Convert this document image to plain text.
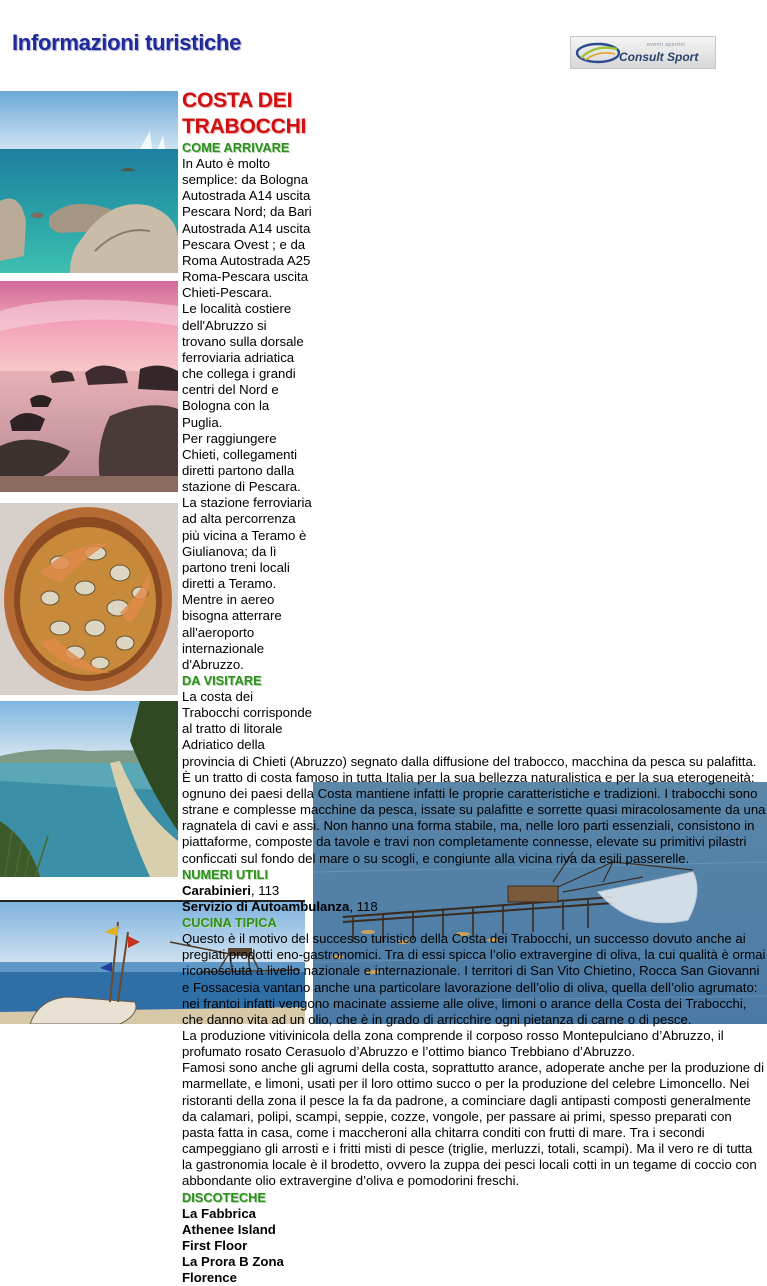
Informazioni turistiche	eventi sportivi
Consult Sport
COSTA DEI TRABOCCHI
COME ARRIVARE

In Auto è molto semplice: da Bologna Autostrada A14 uscita Pescara Nord; da Bari Autostrada A14 uscita Pescara Ovest ; e da Roma Autostrada A25 Roma-Pescara uscita Chieti-Pescara.

Le località costiere dell'Abruzzo si trovano sulla dorsale ferroviaria adriatica che collega i grandi centri del Nord e Bologna con la Puglia.

Per raggiungere Chieti, collegamenti diretti partono dalla stazione di Pescara.

La stazione ferroviaria ad alta percorrenza più vicina a Teramo è Giulianova; da lì partono treni locali diretti a Teramo.

Mentre in aereo bisogna atterrare all'aeroporto internazionale d'Abruzzo.

DA VISITARE

La costa dei Trabocchi corrisponde al tratto di litorale Adriatico della provincia di Chieti (Abruzzo) segnato dalla diffusione del trabocco, macchina da pesca su palafitta. È un tratto di costa famoso in tutta Italia per la sua bellezza naturalistica e per la sua eterogeneità: ognuno dei paesi della Costa mantiene infatti le proprie caratteristiche e tradizioni. I trabocchi sono strane e complesse macchine da pesca, issate su palafitte e sorrette quasi miracolosamente da una ragnatela di cavi e assi. Non hanno una forma stabile, ma, nelle loro parti essenziali, consistono in piattaforme, composte da tavole e travi non completamente connesse, elevate su primitivi pilastri conficcati sul fondo del mare o su scogli, e congiunte alla vicina riva da esili passerelle.

NUMERI UTILI

Carabinieri, 113

Servizio di Autoambulanza, 118

CUCINA TIPICA

Questo è il motivo del successo turistico della Costa dei Trabocchi, un successo dovuto anche ai pregiati prodotti eno-gastronomici. Tra di essi spicca l’olio extravergine di oliva, la cui qualità è ormai riconosciuta a livello nazionale e internazionale. I territori di San Vito Chietino, Rocca San Giovanni e Fossacesia vantano anche una particolare lavorazione dell’olio di oliva, quella dell’olio agrumato: nei frantoi infatti vengono macinate assieme alle olive, limoni o arance della Costa dei Trabocchi, che danno vita ad un olio, che è in grado di arricchire ogni pietanza di carne o di pesce.

La produzione vitivinicola della zona comprende il corposo rosso Montepulciano d’Abruzzo, il profumato rosato Cerasuolo d’Abruzzo e l’ottimo bianco Trebbiano d’Abruzzo.

Famosi sono anche gli agrumi della costa, soprattutto arance, adoperate anche per la produzione di marmellate, e limoni, usati per il loro ottimo succo o per la produzione del celebre Limoncello. Nei ristoranti della zona il pesce la fa da padrone, a cominciare dagli antipasti composti generalmente da calamari, polipi, scampi, seppie, cozze, vongole, per passare ai primi, spesso preparati con pasta fatta in casa, come i maccheroni alla chitarra conditi con frutti di mare. Tra i secondi campeggiano gli arrosti e i fritti misti di pesce (triglie, merluzzi, totali, scampi). Ma il vero re di tutta la gastronomia locale è il brodetto, ovvero la zuppa dei pesci locali cotti in un tegame di coccio con abbondante olio extravergine d’oliva e pomodorini freschi.

DISCOTECHE
La Fabbrica
Athenee Island
First Floor
La Prora B Zona
Florence
